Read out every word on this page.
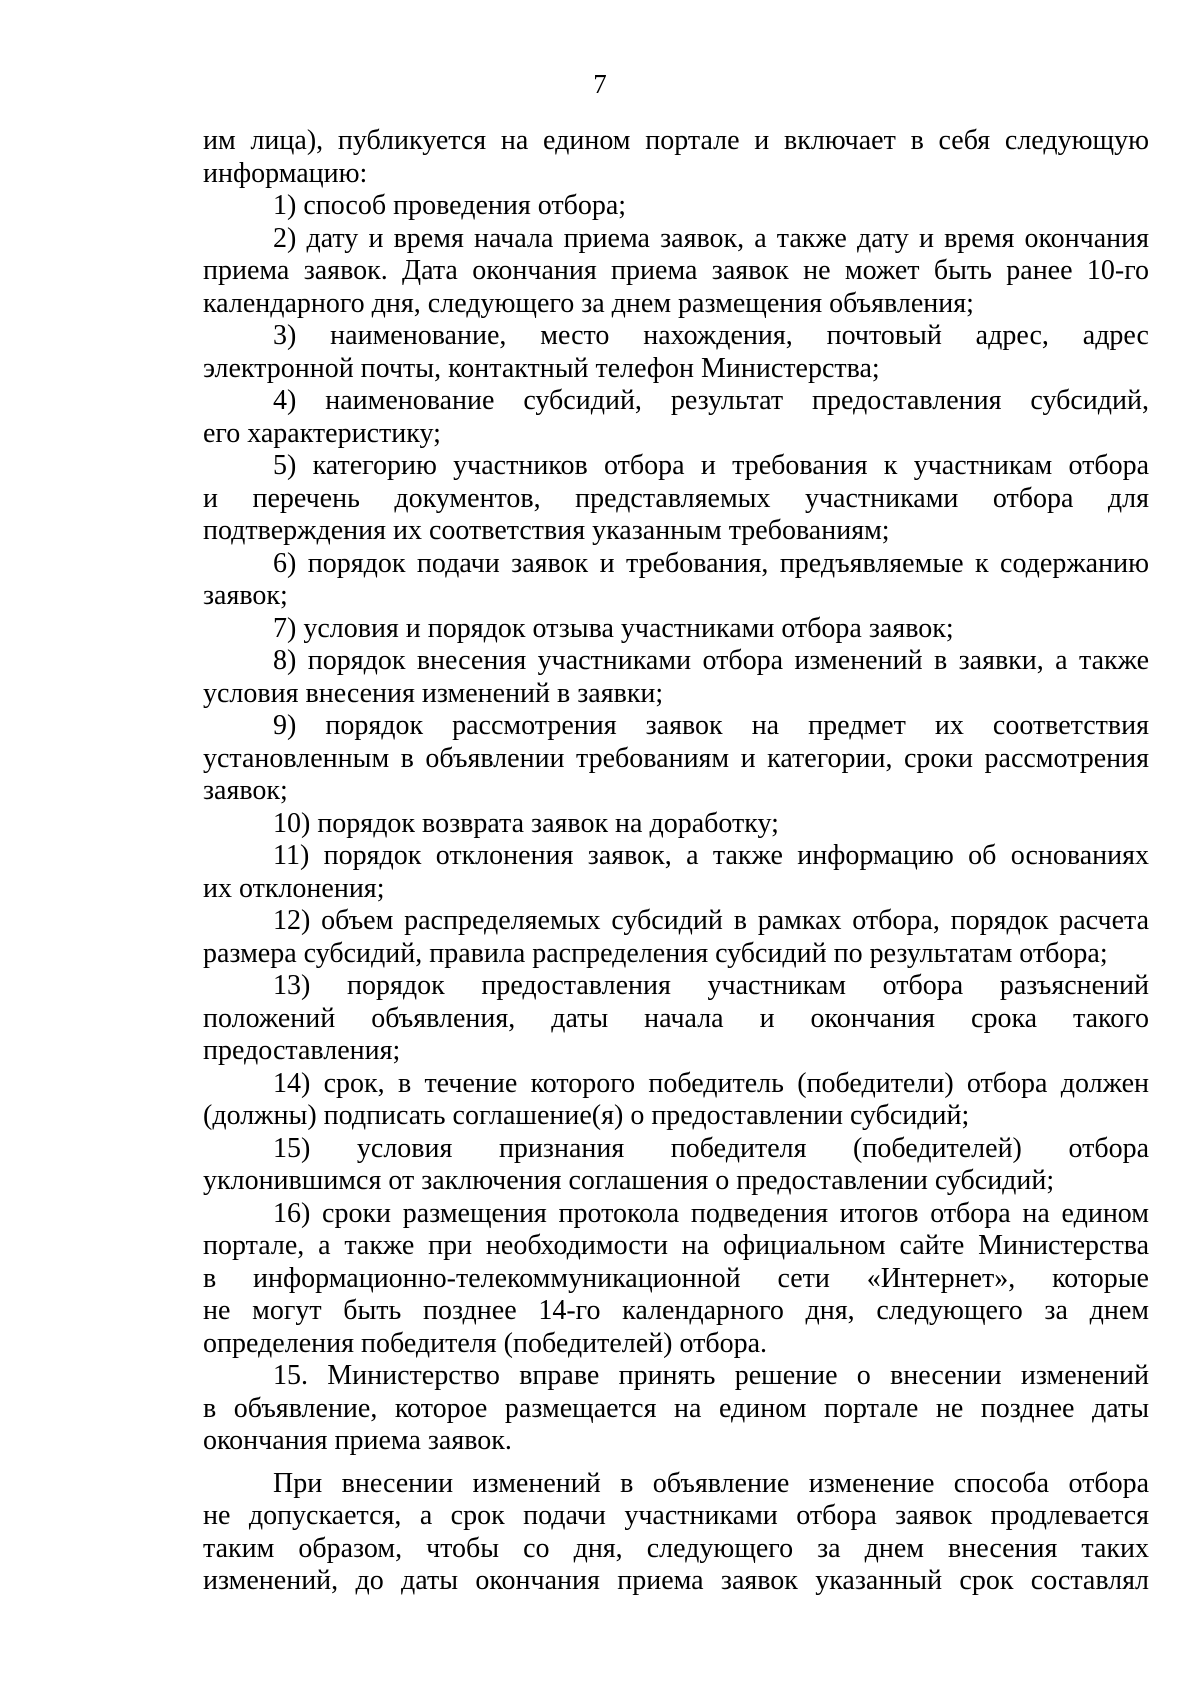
7
им лица), публикуется на едином портале и включает в себя следующую
информацию:
1) способ проведения отбора;
2) дату и время начала приема заявок, а также дату и время окончания
приема заявок. Дата окончания приема заявок не может быть ранее 10-го
календарного дня, следующего за днем размещения объявления;
3) наименование, место нахождения, почтовый адрес, адрес
электронной почты, контактный телефон Министерства;
4) наименование субсидий, результат предоставления субсидий,
его характеристику;
5) категорию участников отбора и требования к участникам отбора
и перечень документов, представляемых участниками отбора для
подтверждения их соответствия указанным требованиям;
6) порядок подачи заявок и требования, предъявляемые к содержанию
заявок;
7) условия и порядок отзыва участниками отбора заявок;
8) порядок внесения участниками отбора изменений в заявки, а также
условия внесения изменений в заявки;
9) порядок рассмотрения заявок на предмет их соответствия
установленным в объявлении требованиям и категории, сроки рассмотрения
заявок;
10) порядок возврата заявок на доработку;
11) порядок отклонения заявок, а также информацию об основаниях
их отклонения;
12) объем распределяемых субсидий в рамках отбора, порядок расчета
размера субсидий, правила распределения субсидий по результатам отбора;
13) порядок предоставления участникам отбора разъяснений
положений объявления, даты начала и окончания срока такого
предоставления;
14) срок, в течение которого победитель (победители) отбора должен
(должны) подписать соглашение(я) о предоставлении субсидий;
15) условия признания победителя (победителей) отбора
уклонившимся от заключения соглашения о предоставлении субсидий;
16) сроки размещения протокола подведения итогов отбора на едином
портале, а также при необходимости на официальном сайте Министерства
в информационно-телекоммуникационной сети «Интернет», которые
не могут быть позднее 14-го календарного дня, следующего за днем
определения победителя (победителей) отбора.
15. Министерство вправе принять решение о внесении изменений
в объявление, которое размещается на едином портале не позднее даты
окончания приема заявок.
При внесении изменений в объявление изменение способа отбора
не допускается, а срок подачи участниками отбора заявок продлевается
таким образом, чтобы со дня, следующего за днем внесения таких
изменений, до даты окончания приема заявок указанный срок составлял
